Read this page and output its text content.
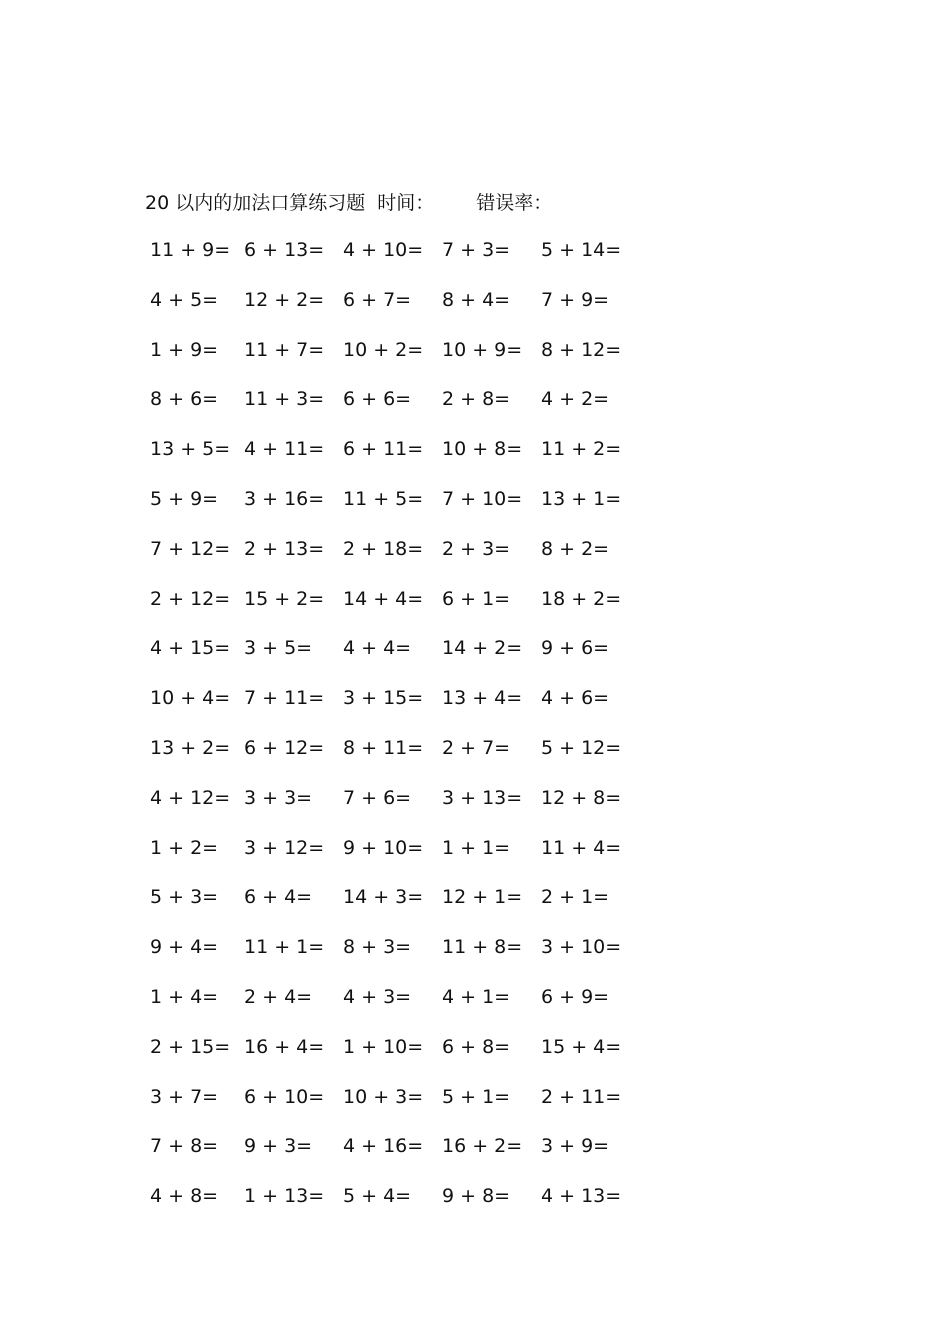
20 以内的加法口算练习题 时间： 错误率：
11 + 9= 6 + 13= 4 + 10= 7 + 3= 5 + 14=
4 + 5= 12 + 2= 6 + 7= 8 + 4= 7 + 9=
1 + 9= 11 + 7= 10 + 2= 10 + 9= 8 + 12=
8 + 6= 11 + 3= 6 + 6= 2 + 8= 4 + 2=
13 + 5= 4 + 11= 6 + 11= 10 + 8= 11 + 2=
5 + 9= 3 + 16= 11 + 5= 7 + 10= 13 + 1=
7 + 12= 2 + 13= 2 + 18= 2 + 3= 8 + 2=
2 + 12= 15 + 2= 14 + 4= 6 + 1= 18 + 2=
4 + 15= 3 + 5= 4 + 4= 14 + 2= 9 + 6=
10 + 4= 7 + 11= 3 + 15= 13 + 4= 4 + 6=
13 + 2= 6 + 12= 8 + 11= 2 + 7= 5 + 12=
4 + 12= 3 + 3= 7 + 6= 3 + 13= 12 + 8=
1 + 2= 3 + 12= 9 + 10= 1 + 1= 11 + 4=
5 + 3= 6 + 4= 14 + 3= 12 + 1= 2 + 1=
9 + 4= 11 + 1= 8 + 3= 11 + 8= 3 + 10=
1 + 4= 2 + 4= 4 + 3= 4 + 1= 6 + 9=
2 + 15= 16 + 4= 1 + 10= 6 + 8= 15 + 4=
3 + 7= 6 + 10= 10 + 3= 5 + 1= 2 + 11=
7 + 8= 9 + 3= 4 + 16= 16 + 2= 3 + 9=
4 + 8= 1 + 13= 5 + 4= 9 + 8= 4 + 13=
